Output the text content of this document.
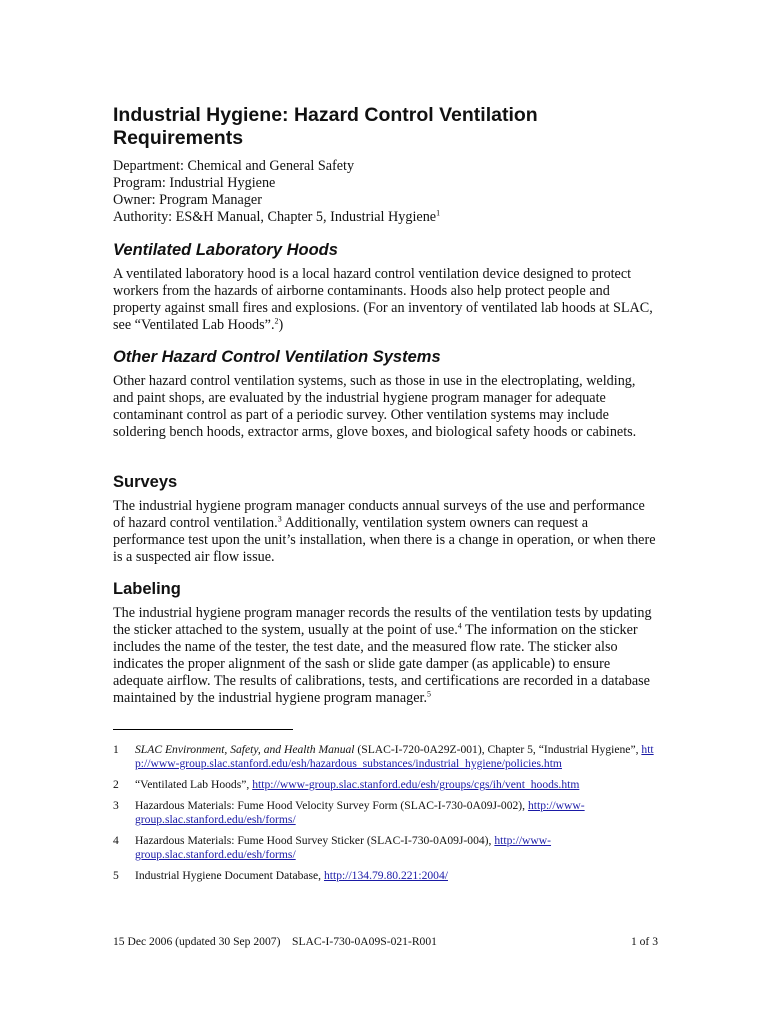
Industrial Hygiene: Hazard Control Ventilation Requirements
Department: Chemical and General Safety
Program: Industrial Hygiene
Owner: Program Manager
Authority: ES&H Manual, Chapter 5, Industrial Hygiene$^1$
Ventilated Laboratory Hoods

A ventilated laboratory hood is a local hazard control ventilation device designed to protect workers from the hazards of airborne contaminants. Hoods also help protect people and property against small fires and explosions. (For an inventory of ventilated lab hoods at SLAC, see “Ventilated Lab Hoods”.$^2$)

Other Hazard Control Ventilation Systems

Other hazard control ventilation systems, such as those in use in the electroplating, welding, and paint shops, are evaluated by the industrial hygiene program manager for adequate contaminant control as part of a periodic survey. Other ventilation systems may include soldering bench hoods, extractor arms, glove boxes, and biological safety hoods or cabinets.

Surveys

The industrial hygiene program manager conducts annual surveys of the use and performance of hazard control ventilation.$^3$ Additionally, ventilation system owners can request a performance test upon the unit’s installation, when there is a change in operation, or when there is a suspected air flow issue.

Labeling

The industrial hygiene program manager records the results of the ventilation tests by updating the sticker attached to the system, usually at the point of use.$^4$ The information on the sticker includes the name of the tester, the test date, and the measured flow rate. The sticker also indicates the proper alignment of the sash or slide gate damper (as applicable) to ensure adequate airflow. The results of calibrations, tests, and certifications are recorded in a database maintained by the industrial hygiene program manager.$^5$

1 SLAC Environment, Safety, and Health Manual (SLAC-I-720-0A29Z-001), Chapter 5, “Industrial Hygiene”, http://www-group.slac.stanford.edu/esh/hazardous_substances/industrial_hygiene/policies.htm
2 “Ventilated Lab Hoods”, http://www-group.slac.stanford.edu/esh/groups/cgs/ih/vent_hoods.htm
3 Hazardous Materials: Fume Hood Velocity Survey Form (SLAC-I-730-0A09J-002), http://www-group.slac.stanford.edu/esh/forms/
4 Hazardous Materials: Fume Hood Survey Sticker (SLAC-I-730-0A09J-004), http://www-group.slac.stanford.edu/esh/forms/
5 Industrial Hygiene Document Database, http://134.79.80.221:2004/
15 Dec 2006 (updated 30 Sep 2007)    SLAC-I-730-0A09S-021-R001	1 of 3
